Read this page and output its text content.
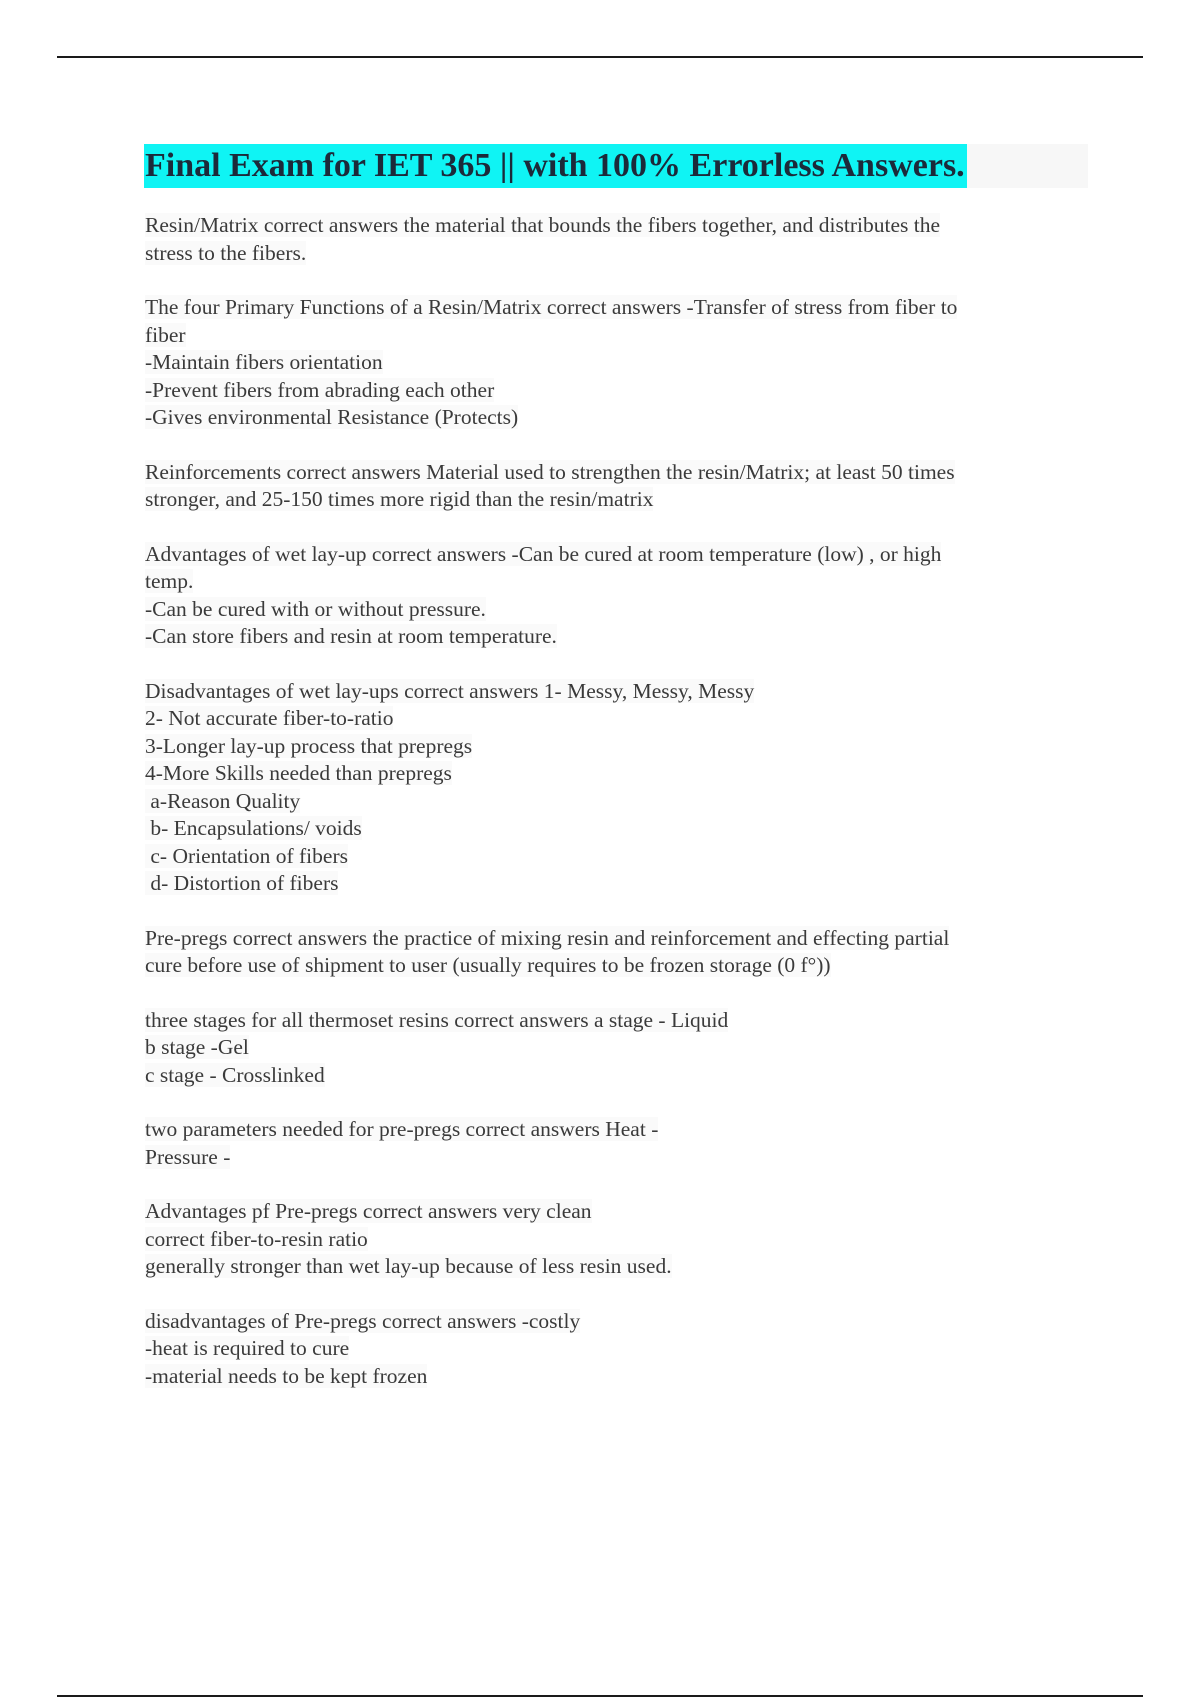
Final Exam for IET 365 || with 100% Errorless Answers.
Resin/Matrix correct answers the material that bounds the fibers together, and distributes the
stress to the fibers.
The four Primary Functions of a Resin/Matrix correct answers -Transfer of stress from fiber to
fiber
-Maintain fibers orientation
-Prevent fibers from abrading each other
-Gives environmental Resistance (Protects)
Reinforcements correct answers Material used to strengthen the resin/Matrix; at least 50 times
stronger, and 25-150 times more rigid than the resin/matrix
Advantages of wet lay-up correct answers -Can be cured at room temperature (low) , or high
temp.
-Can be cured with or without pressure.
-Can store fibers and resin at room temperature.
Disadvantages of wet lay-ups correct answers 1- Messy, Messy, Messy
2- Not accurate fiber-to-ratio
3-Longer lay-up process that prepregs
4-More Skills needed than prepregs
a-Reason Quality
b- Encapsulations/ voids
c- Orientation of fibers
d- Distortion of fibers
Pre-pregs correct answers the practice of mixing resin and reinforcement and effecting partial
cure before use of shipment to user (usually requires to be frozen storage (0 f°))
three stages for all thermoset resins correct answers a stage - Liquid
b stage -Gel
c stage - Crosslinked
two parameters needed for pre-pregs correct answers Heat -
Pressure -
Advantages pf Pre-pregs correct answers very clean
correct fiber-to-resin ratio
generally stronger than wet lay-up because of less resin used.
disadvantages of Pre-pregs correct answers -costly
-heat is required to cure
-material needs to be kept frozen
